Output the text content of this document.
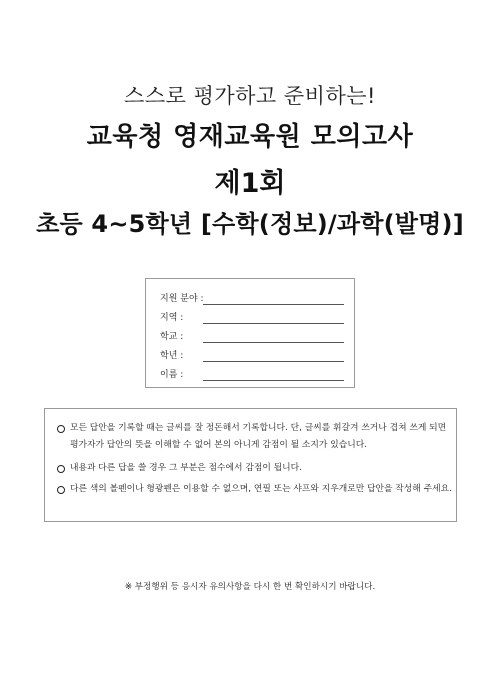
스스로 평가하고 준비하는!
교육청 영재교육원 모의고사
제1회
초등 4~5학년 [수학(정보)/과학(발명)]
지원 분야 :
지역 :
학교 :
학년 :
이름 :
모든 답안을 기록할 때는 글씨를 잘 정돈해서 기록합니다. 단, 글씨를 휘갈겨 쓰거나 겹쳐 쓰게 되면 평가자가 답안의 뜻을 이해할 수 없어 본의 아니게 감점이 될 소지가 있습니다.
내용과 다른 답을 쓸 경우 그 부분은 점수에서 감점이 됩니다.
다른 색의 볼펜이나 형광펜은 이용할 수 없으며, 연필 또는 샤프와 지우개로만 답안을 작성해 주세요.
※ 부정행위 등 응시자 유의사항을 다시 한 번 확인하시기 바랍니다.
